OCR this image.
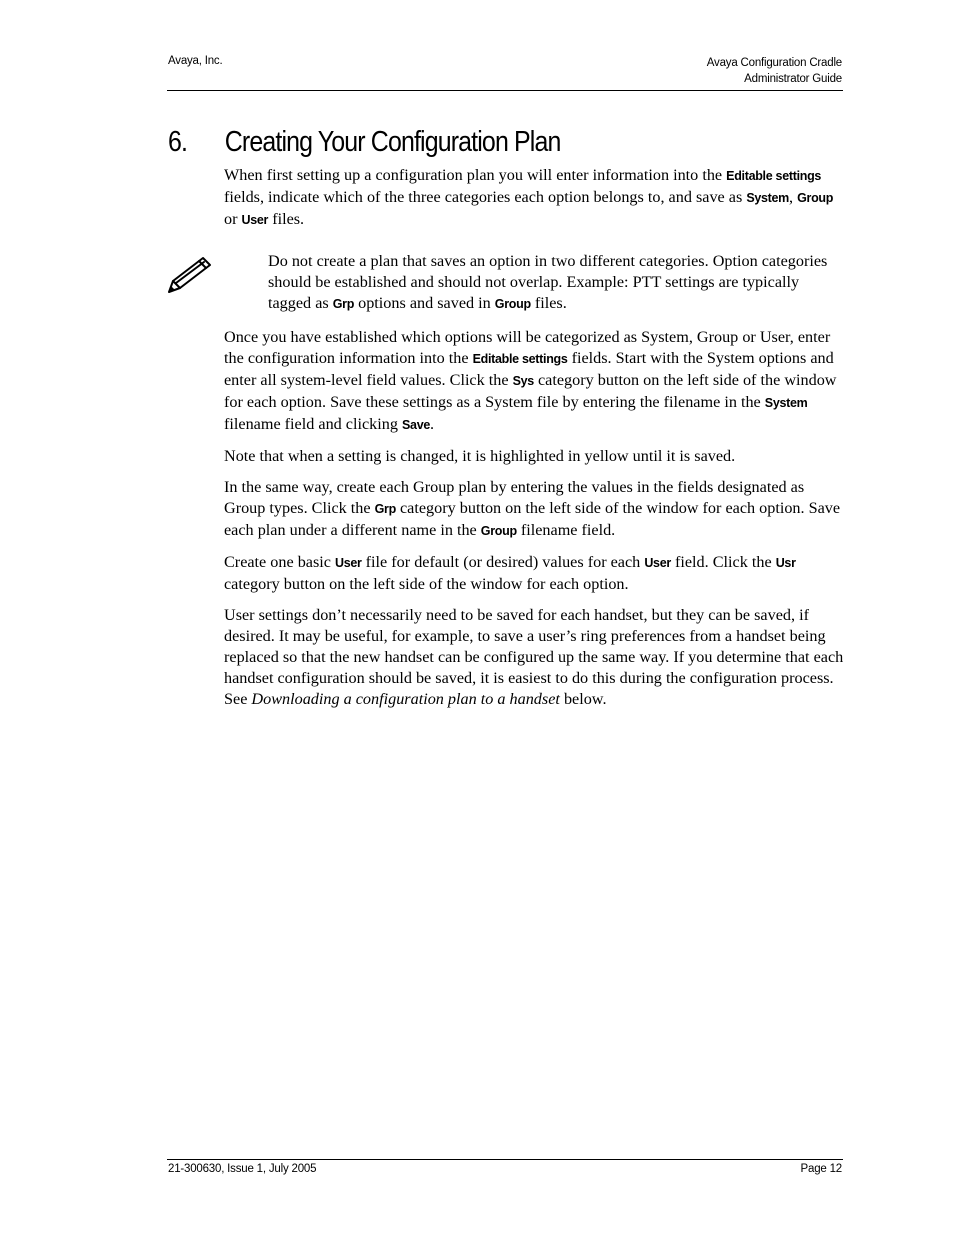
Avaya, Inc.	Avaya Configuration Cradle
Administrator Guide
6. Creating Your Configuration Plan

When first setting up a configuration plan you will enter information into the Editable settings fields, indicate which of the three categories each option belongs to, and save as System, Group or User files.

Do not create a plan that saves an option in two different categories. Option categories should be established and should not overlap. Example: PTT settings are typically tagged as Grp options and saved in Group files.

Once you have established which options will be categorized as System, Group or User, enter the configuration information into the Editable settings fields. Start with the System options and enter all system-level field values. Click the Sys category button on the left side of the window for each option. Save these settings as a System file by entering the filename in the System filename field and clicking Save.

Note that when a setting is changed, it is highlighted in yellow until it is saved.

In the same way, create each Group plan by entering the values in the fields designated as Group types. Click the Grp category button on the left side of the window for each option. Save each plan under a different name in the Group filename field.

Create one basic User file for default (or desired) values for each User field. Click the Usr category button on the left side of the window for each option.

User settings don’t necessarily need to be saved for each handset, but they can be saved, if desired. It may be useful, for example, to save a user’s ring preferences from a handset being replaced so that the new handset can be configured up the same way. If you determine that each handset configuration should be saved, it is easiest to do this during the configuration process. See Downloading a configuration plan to a handset below.

21-300630, Issue 1, July 2005	Page 12
